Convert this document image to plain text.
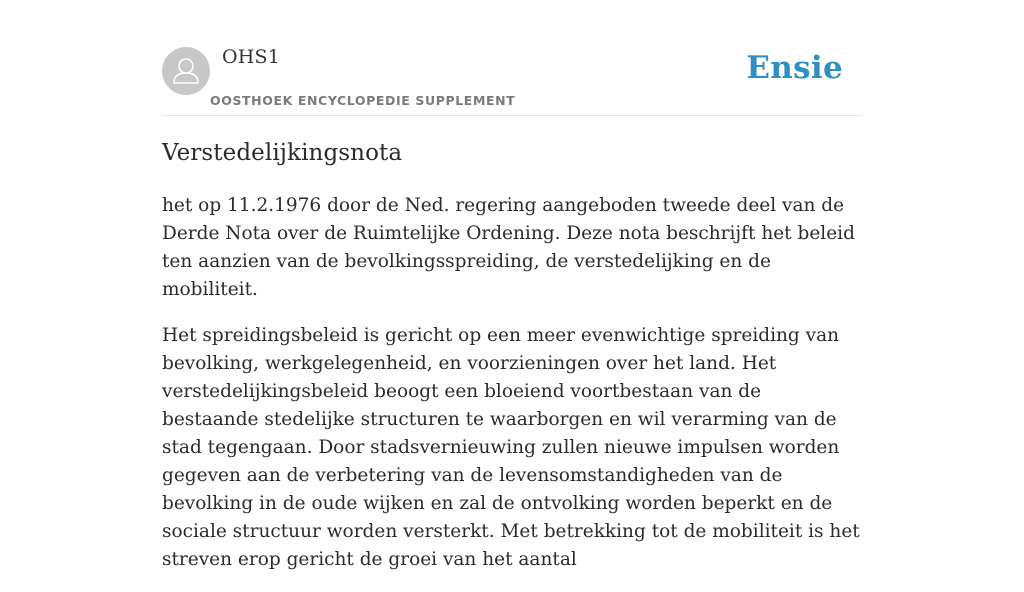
OHS1
OOSTHOEK ENCYCLOPEDIE SUPPLEMENT
Ensie
Verstedelijkingsnota

het op 11.2.1976 door de Ned. regering aangeboden tweede deel van de Derde Nota over de Ruimtelijke Ordening. Deze nota beschrijft het beleid ten aanzien van de bevolkingsspreiding, de verstedelijking en de mobiliteit.

Het spreidingsbeleid is gericht op een meer evenwichtige spreiding van bevolking, werkgelegenheid, en voorzieningen over het land. Het verstedelijkingsbeleid beoogt een bloeiend voortbestaan van de bestaande stedelijke structuren te waarborgen en wil verarming van de stad tegengaan. Door stadsvernieuwing zullen nieuwe impulsen worden gegeven aan de verbetering van de levensomstandigheden van de bevolking in de oude wijken en zal de ontvolking worden beperkt en de sociale structuur worden versterkt. Met betrekking tot de mobiliteit is het streven erop gericht de groei van het aantal
